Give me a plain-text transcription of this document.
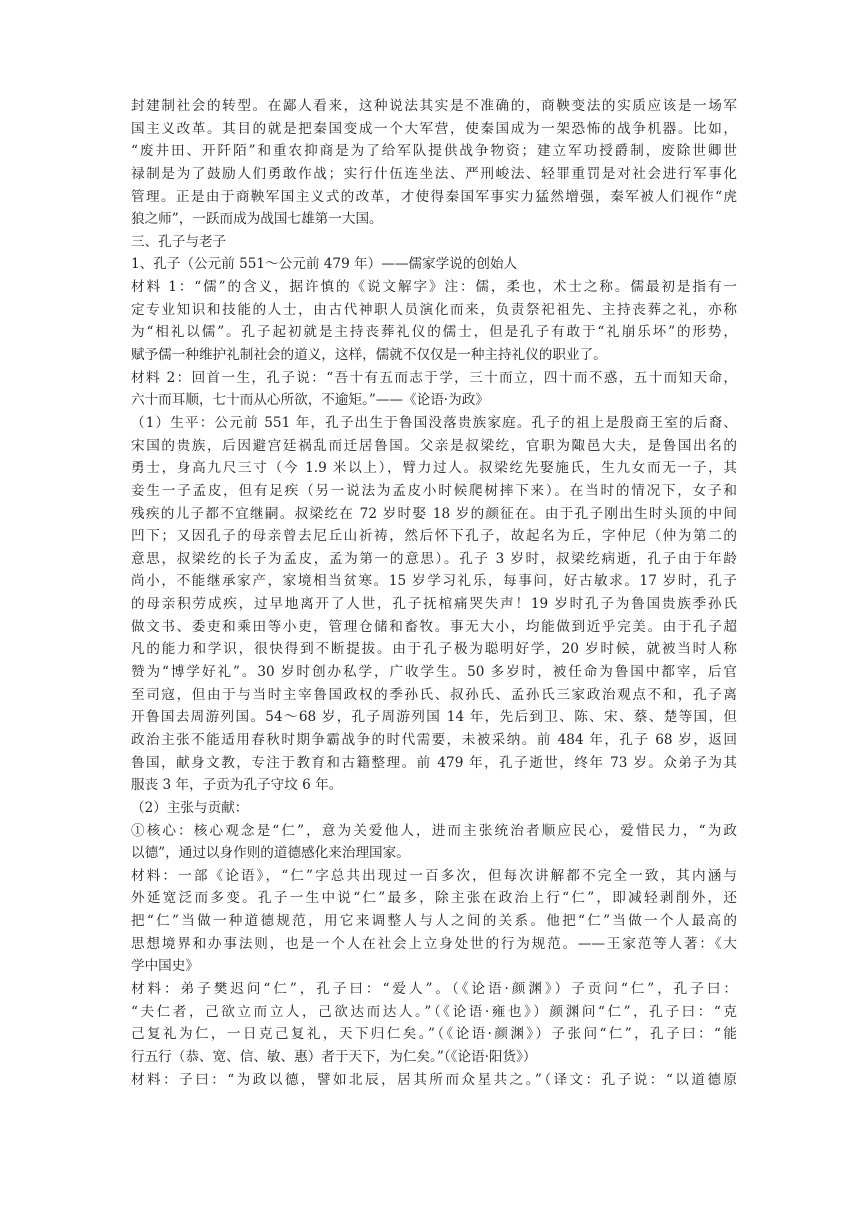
封建制社会的转型。在鄙人看来，这种说法其实是不准确的，商鞅变法的实质应该是一场军
国主义改革。其目的就是把秦国变成一个大军营，使秦国成为一架恐怖的战争机器。比如，
“废井田、开阡陌”和重农抑商是为了给军队提供战争物资；建立军功授爵制，废除世卿世
禄制是为了鼓励人们勇敢作战；实行什伍连坐法、严刑峻法、轻罪重罚是对社会进行军事化
管理。正是由于商鞅军国主义式的改革，才使得秦国军事实力猛然增强，秦军被人们视作“虎
狼之师”，一跃而成为战国七雄第一大国。
三、孔子与老子
1、孔子（公元前 551～公元前 479 年）——儒家学说的创始人
材料 1：“儒”的含义，据许慎的《说文解字》注：儒，柔也，术士之称。儒最初是指有一
定专业知识和技能的人士，由古代神职人员演化而来，负责祭祀祖先、主持丧葬之礼，亦称
为“相礼以儒”。孔子起初就是主持丧葬礼仪的儒士，但是孔子有敢于“礼崩乐坏”的形势，
赋予儒一种维护礼制社会的道义，这样，儒就不仅仅是一种主持礼仪的职业了。
材料 2：回首一生，孔子说：“吾十有五而志于学，三十而立，四十而不惑，五十而知天命，
六十而耳顺，七十而从心所欲，不逾矩。”——《论语·为政》
（1）生平：公元前 551 年，孔子出生于鲁国没落贵族家庭。孔子的祖上是殷商王室的后裔、
宋国的贵族，后因避宫廷祸乱而迁居鲁国。父亲是叔梁纥，官职为陬邑大夫，是鲁国出名的
勇士，身高九尺三寸（今 1.9 米以上），臂力过人。叔梁纥先娶施氏，生九女而无一子，其
妾生一子孟皮，但有足疾（另一说法为孟皮小时候爬树摔下来）。在当时的情况下，女子和
残疾的儿子都不宜继嗣。叔梁纥在 72 岁时娶 18 岁的颜征在。由于孔子刚出生时头顶的中间
凹下；又因孔子的母亲曾去尼丘山祈祷，然后怀下孔子，故起名为丘，字仲尼（仲为第二的
意思，叔梁纥的长子为孟皮，孟为第一的意思）。孔子 3 岁时，叔梁纥病逝，孔子由于年龄
尚小，不能继承家产，家境相当贫寒。15 岁学习礼乐，每事问，好古敏求。17 岁时，孔子
的母亲积劳成疾，过早地离开了人世，孔子抚棺痛哭失声！19 岁时孔子为鲁国贵族季孙氏
做文书、委吏和乘田等小吏，管理仓储和畜牧。事无大小，均能做到近乎完美。由于孔子超
凡的能力和学识，很快得到不断提拔。由于孔子极为聪明好学，20 岁时候，就被当时人称
赞为“博学好礼”。30 岁时创办私学，广收学生。50 多岁时，被任命为鲁国中都宰，后官
至司寇，但由于与当时主宰鲁国政权的季孙氏、叔孙氏、孟孙氏三家政治观点不和，孔子离
开鲁国去周游列国。54～68 岁，孔子周游列国 14 年，先后到卫、陈、宋、蔡、楚等国，但
政治主张不能适用春秋时期争霸战争的时代需要，未被采纳。前 484 年，孔子 68 岁，返回
鲁国，献身文教，专注于教育和古籍整理。前 479 年，孔子逝世，终年 73 岁。众弟子为其
服丧 3 年，子贡为孔子守坟 6 年。
（2）主张与贡献：
①核心：核心观念是“仁”，意为关爱他人，进而主张统治者顺应民心，爱惜民力，“为政
以德”，通过以身作则的道德感化来治理国家。
材料：一部《论语》，“仁”字总共出现过一百多次，但每次讲解都不完全一致，其内涵与
外延宽泛而多变。孔子一生中说“仁”最多，除主张在政治上行“仁”，即减轻剥削外，还
把“仁”当做一种道德规范，用它来调整人与人之间的关系。他把“仁”当做一个人最高的
思想境界和办事法则，也是一个人在社会上立身处世的行为规范。——王家范等人著：《大
学中国史》
材料：弟子樊迟问“仁”，孔子曰：“爱人”。（《论语·颜渊》）子贡问“仁”，孔子曰：
“夫仁者，己欲立而立人，己欲达而达人。”（《论语·雍也》）颜渊问“仁”，孔子曰：“克
己复礼为仁，一日克己复礼，天下归仁矣。”（《论语·颜渊》）子张问“仁”，孔子曰：“能
行五行（恭、宽、信、敏、惠）者于天下，为仁矣。”（《论语·阳货》）
材料：子曰：“为政以德，譬如北辰，居其所而众星共之。”（译文：孔子说：“以道德原
